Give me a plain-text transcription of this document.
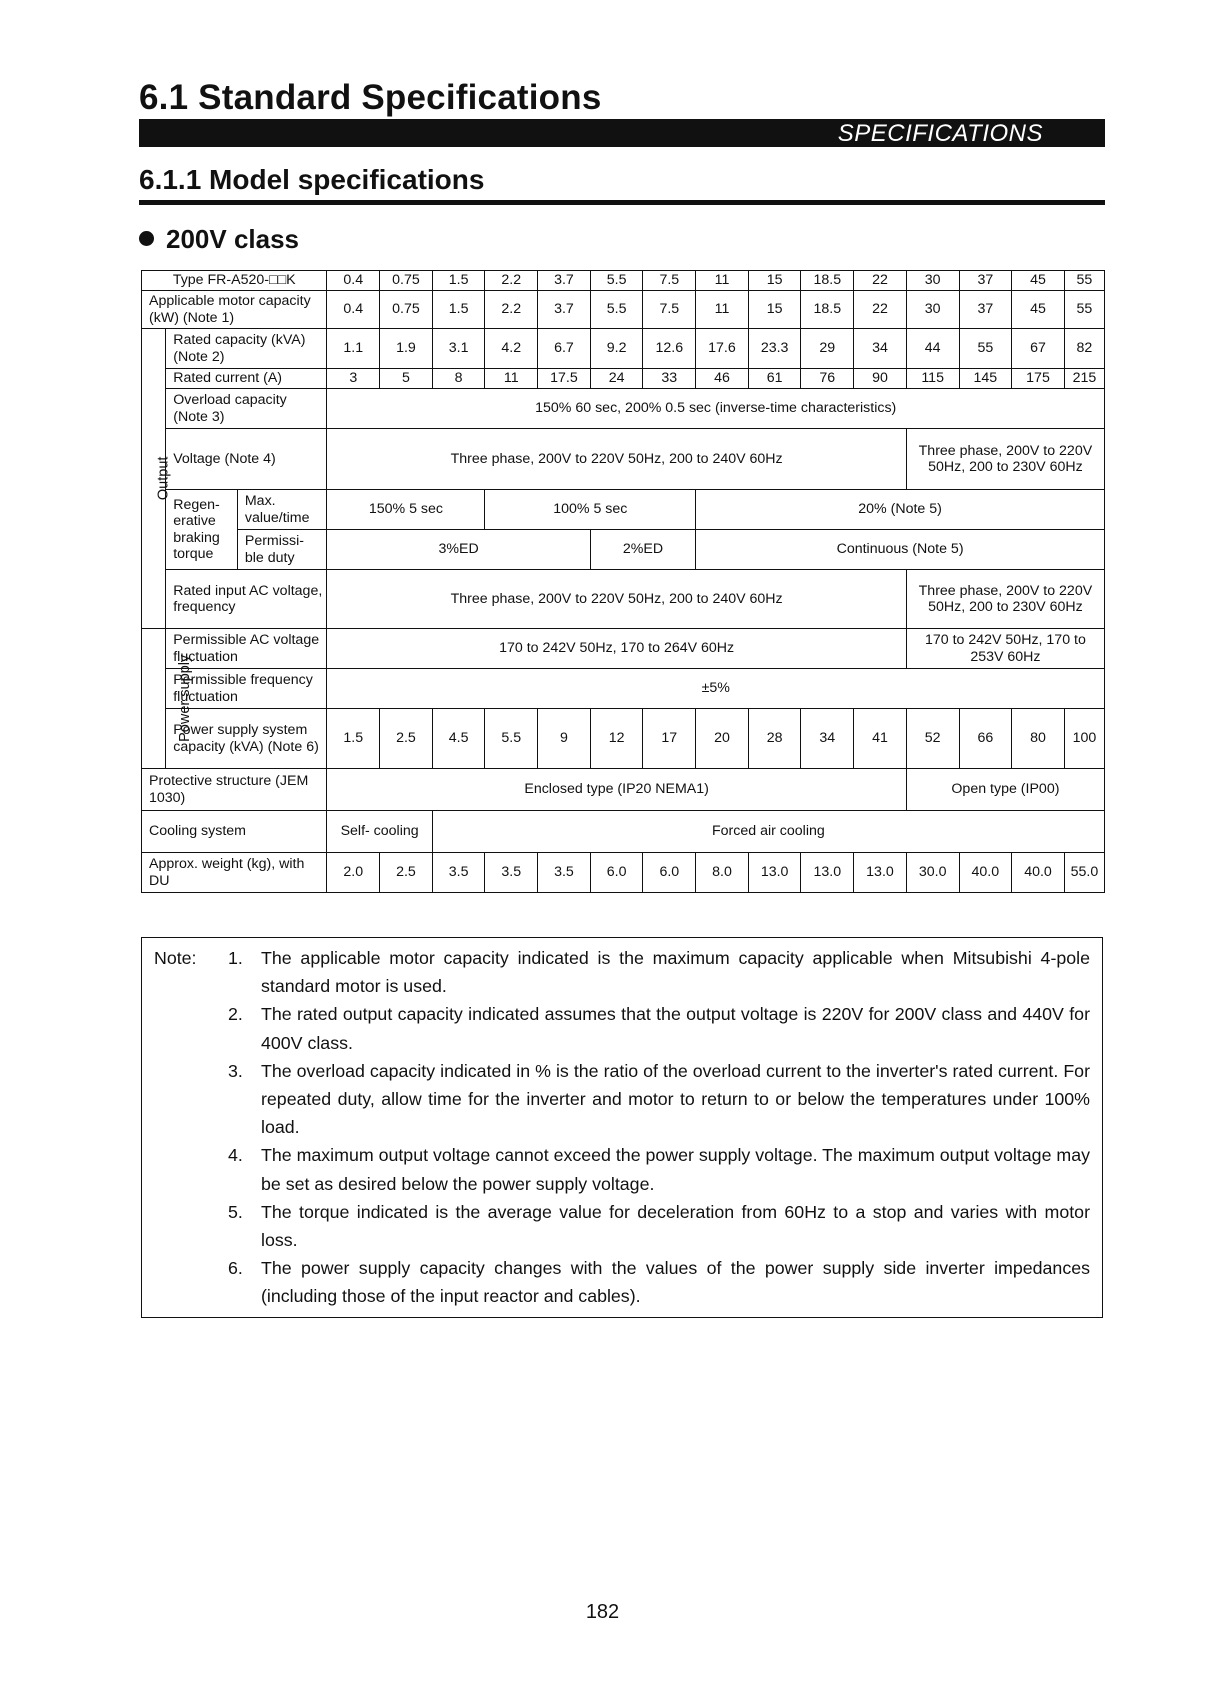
6.1 Standard Specifications
SPECIFICATIONS
6.1.1 Model specifications
200V class
Type FR-A520-□□K			0.4	0.75	1.5	2.2	3.7	5.5	7.5	11	15	18.5	22	30	37	45	55
Applicable motor capacity (kW) (Note 1)			0.4	0.75	1.5	2.2	3.7	5.5	7.5	11	15	18.5	22	30	37	45	55
Output	Rated capacity (kVA) (Note 2)		1.1	1.9	3.1	4.2	6.7	9.2	12.6	17.6	23.3	29	34	44	55	67	82
	Rated current (A)		3	5	8	11	17.5	24	33	46	61	76	90	115	145	175	215
	Overload capacity (Note 3)		150% 60 sec, 200% 0.5 sec (inverse-time characteristics)														
	Voltage (Note 4)		Three phase, 200V to 220V 50Hz, 200 to 240V 60Hz											Three phase, 200V to 220V 50Hz, 200 to 230V 60Hz			
	Regen- erative braking torque	Max. value/time	150% 5 sec			100% 5 sec				20% (Note 5)							
		Permissi- ble duty	3%ED					2%ED		Continuous (Note 5)							
	Rated input AC voltage, frequency		Three phase, 200V to 220V 50Hz, 200 to 240V 60Hz											Three phase, 200V to 220V 50Hz, 200 to 230V 60Hz			
Power supply	Permissible AC voltage fluctuation		170 to 242V 50Hz, 170 to 264V 60Hz											170 to 242V 50Hz, 170 to 253V 60Hz			
	Permissible frequency fluctuation		±5%														
	Power supply system capacity (kVA) (Note 6)		1.5	2.5	4.5	5.5	9	12	17	20	28	34	41	52	66	80	100
Protective structure (JEM 1030)			Enclosed type (IP20 NEMA1)											Open type (IP00)			
Cooling system			Self- cooling		Forced air cooling												
Approx. weight (kg), with DU			2.0	2.5	3.5	3.5	3.5	6.0	6.0	8.0	13.0	13.0	13.0	30.0	40.0	40.0	55.0
Note:	1.	The applicable motor capacity indicated is the maximum capacity applicable when Mitsubishi 4-pole standard motor is used.
2.	The rated output capacity indicated assumes that the output voltage is 220V for 200V class and 440V for 400V class.
3.	The overload capacity indicated in % is the ratio of the overload current to the inverter's rated current. For repeated duty, allow time for the inverter and motor to return to or below the temperatures under 100% load.
4.	The maximum output voltage cannot exceed the power supply voltage. The maximum output voltage may be set as desired below the power supply voltage.
5.	The torque indicated is the average value for deceleration from 60Hz to a stop and varies with motor loss.
6.	The power supply capacity changes with the values of the power supply side inverter impedances (including those of the input reactor and cables).
182
